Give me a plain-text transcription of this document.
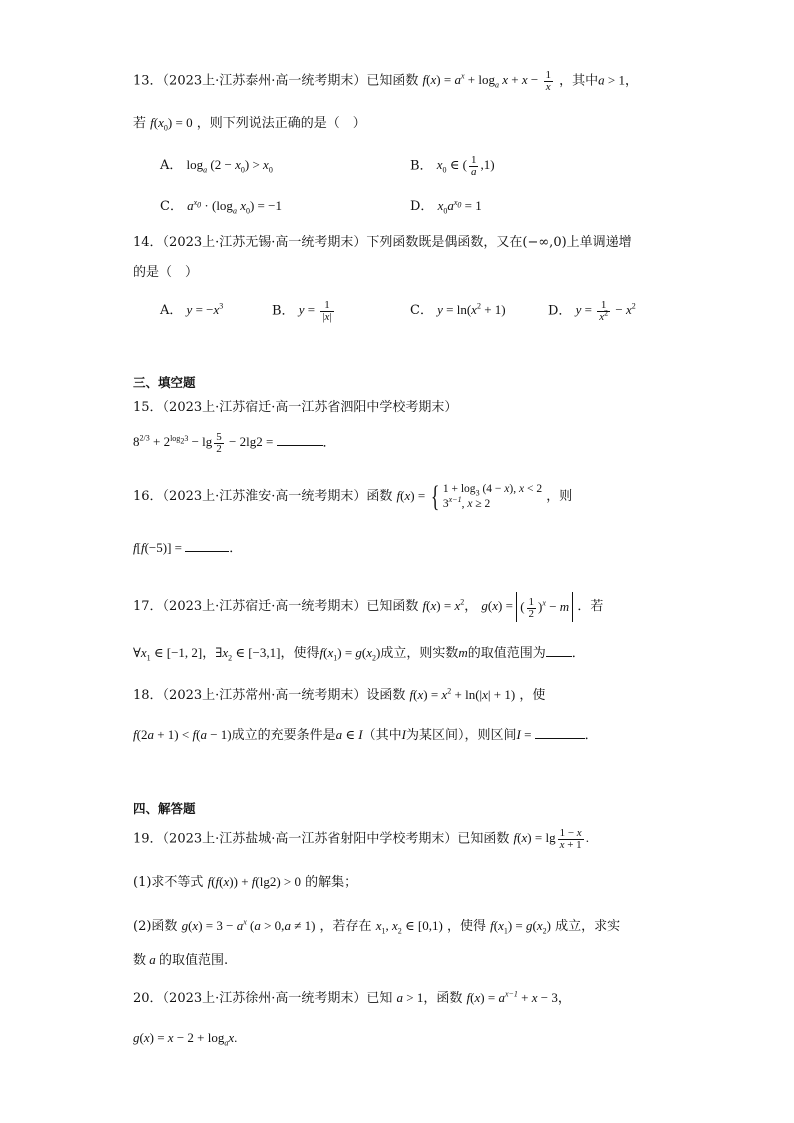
13．（2023上·江苏泰州·高一统考期末）已知函数 $f(x) = a^x + \log_a x + x - \frac{1}{x}$ ，其中a > 1，
若 $f(x_0) = 0$ ，则下列说法正确的是（　）
A． $\log_a (2 - x_0) > x_0$	B． $x_0$ ∈ ( $\frac{1}{a} ,1$)
C． $a^{x_0} \cdot (\log_a$ $x_0) = -1$	D． $x_0a^{x_0} = 1$
14．（2023上·江苏无锡·高一统考期末）下列函数既是偶函数，又在(−∞,0)上单调递增
的是（　）
A． $y = -x^3$	B． $y = \frac{1}{|x|}$	C． $y = \ln(x^2 + 1)$	D． $y = \frac{1}{x^2} - x^2$
三、填空题
15．（2023上·江苏宿迁·高一江苏省泗阳中学校考期末）
$8^{2/3} + 2^{log_23} - \lg \frac{5}{2} - 2\lg 2$ =	．
16．（2023上·江苏淮安·高一统考期末）函数 f(x) = { $1 + \log_3 (4 - x)$, x < 2
$3^{x-1}$, x ≥ 2
，则
f[f(−5)] =	．
17．（2023上·江苏宿迁·高一统考期末）已知函数 $f(x) = x^2$， g(x) = ( $\frac{1}{2} )^x - m$ ．若
$\forall x_1$ ∈ [−1, 2]，$\exists x_2$ ∈ [−3,1]，使得$f(x_1) = g(x_2)$成立，则实数m的取值范围为 ．
18．（2023上·江苏常州·高一统考期末）设函数 $f(x) = x^2 + \ln(|x| + 1)$ ，使
f(2a + 1) < f(a − 1)成立的充要条件是a ∈ I（其中I为某区间），则区间I =	．
四、解答题
19．（2023上·江苏盐城·高一江苏省射阳中学校考期末）已知函数 $f(x) = \lg \frac{1 - x}{x + 1}$ .
(1)求不等式 f(f(x)) + f(lg2) > 0 的解集；
(2)函数 $g(x) = 3 - a^x$ (a > 0,a ≠ 1) ，若存在 $x_1$, $x_2$ ∈ [0,1) ，使得 $f(x_1) = g(x_2)$ 成立，求实
数 a 的取值范围.
20．（2023上·江苏徐州·高一统考期末）已知 a > 1，函数 $f(x) = a^{x-1} + x - 3$，
$g(x) = x - 2 + \log_ax$.
